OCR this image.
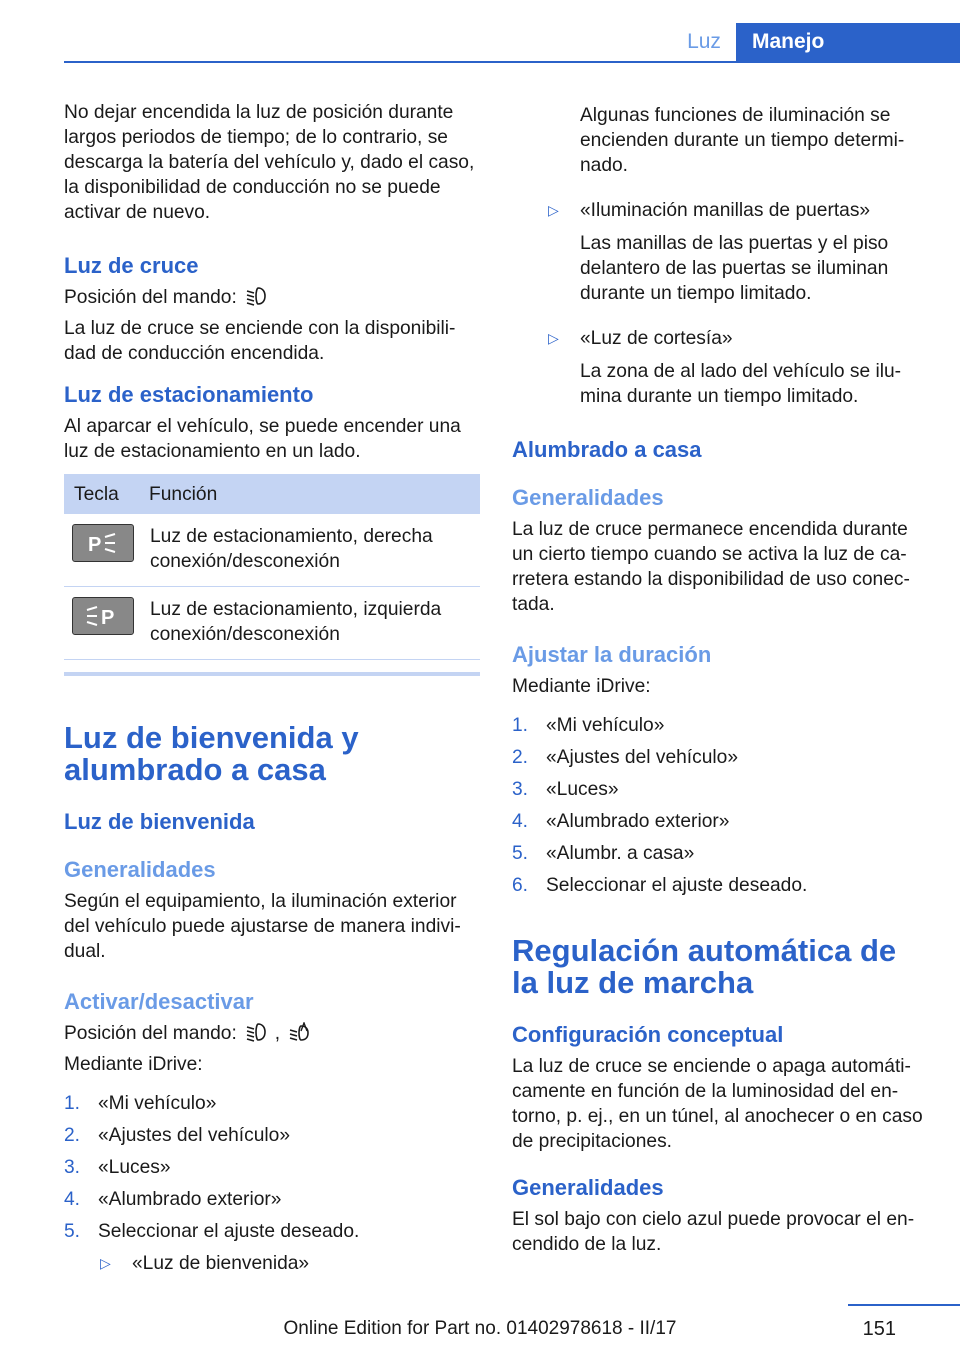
Luz	Manejo

No dejar encendida la luz de posición durante largos periodos de tiempo; de lo contrario, se descarga la batería del vehículo y, dado el caso, la disponibilidad de conducción no se puede activar de nuevo.

Luz de cruce

Posición del mando:

La luz de cruce se enciende con la disponibili- dad de conducción encendida.

Luz de estacionamiento

Al aparcar el vehículo, se puede encender una luz de estacionamiento en un lado.

Tecla	Función

P	Luz de estacionamiento, derecha conexión/desconexión

P	Luz de estacionamiento, izquierda conexión/desconexión

Luz de bienvenida y alumbrado a casa

Luz de bienvenida

Generalidades

Según el equipamiento, la iluminación exterior del vehículo puede ajustarse de manera indivi- dual.

Activar/desactivar

Posición del mando: ,

Mediante iDrive:

1. «Mi vehículo»
2. «Ajustes del vehículo»
3. «Luces»
4. «Alumbrado exterior»
5. Seleccionar el ajuste deseado.

▷ «Luz de bienvenida»

Algunas funciones de iluminación se encienden durante un tiempo determi- nado.

▷ «Iluminación manillas de puertas»

Las manillas de las puertas y el piso delantero de las puertas se iluminan durante un tiempo limitado.

▷ «Luz de cortesía»

La zona de al lado del vehículo se ilu- mina durante un tiempo limitado.

Alumbrado a casa

Generalidades

La luz de cruce permanece encendida durante un cierto tiempo cuando se activa la luz de ca- rretera estando la disponibilidad de uso conec- tada.

Ajustar la duración

Mediante iDrive:

1. «Mi vehículo»
2. «Ajustes del vehículo»
3. «Luces»
4. «Alumbrado exterior»
5. «Alumbr. a casa»
6. Seleccionar el ajuste deseado.

Regulación automática de la luz de marcha

Configuración conceptual

La luz de cruce se enciende o apaga automáti- camente en función de la luminosidad del en- torno, p. ej., en un túnel, al anochecer o en caso de precipitaciones.

Generalidades

El sol bajo con cielo azul puede provocar el en- cendido de la luz.

151
Online Edition for Part no. 01402978618 - II/17
